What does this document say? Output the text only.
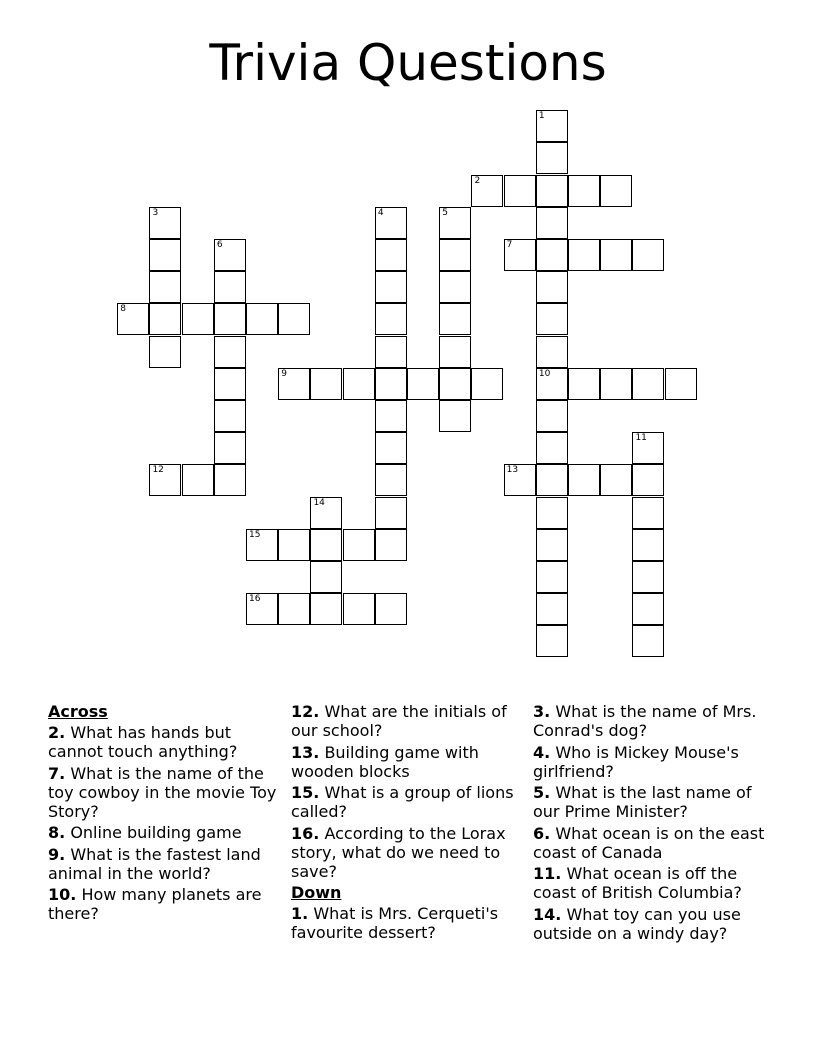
Trivia Questions
1
2
3	4	5
6	7
8
9	10
11
12	13
14
15
16
Across
2. What has hands but cannot touch anything?
7. What is the name of the toy cowboy in the movie Toy Story?
8. Online building game
9. What is the fastest land animal in the world?
10. How many planets are there?
12. What are the initials of our school?
13. Building game with wooden blocks
15. What is a group of lions called?
16. According to the Lorax story, what do we need to save?
Down
1. What is Mrs. Cerqueti's favourite dessert?
3. What is the name of Mrs. Conrad's dog?
4. Who is Mickey Mouse's girlfriend?
5. What is the last name of our Prime Minister?
6. What ocean is on the east coast of Canada
11. What ocean is off the coast of British Columbia?
14. What toy can you use outside on a windy day?
